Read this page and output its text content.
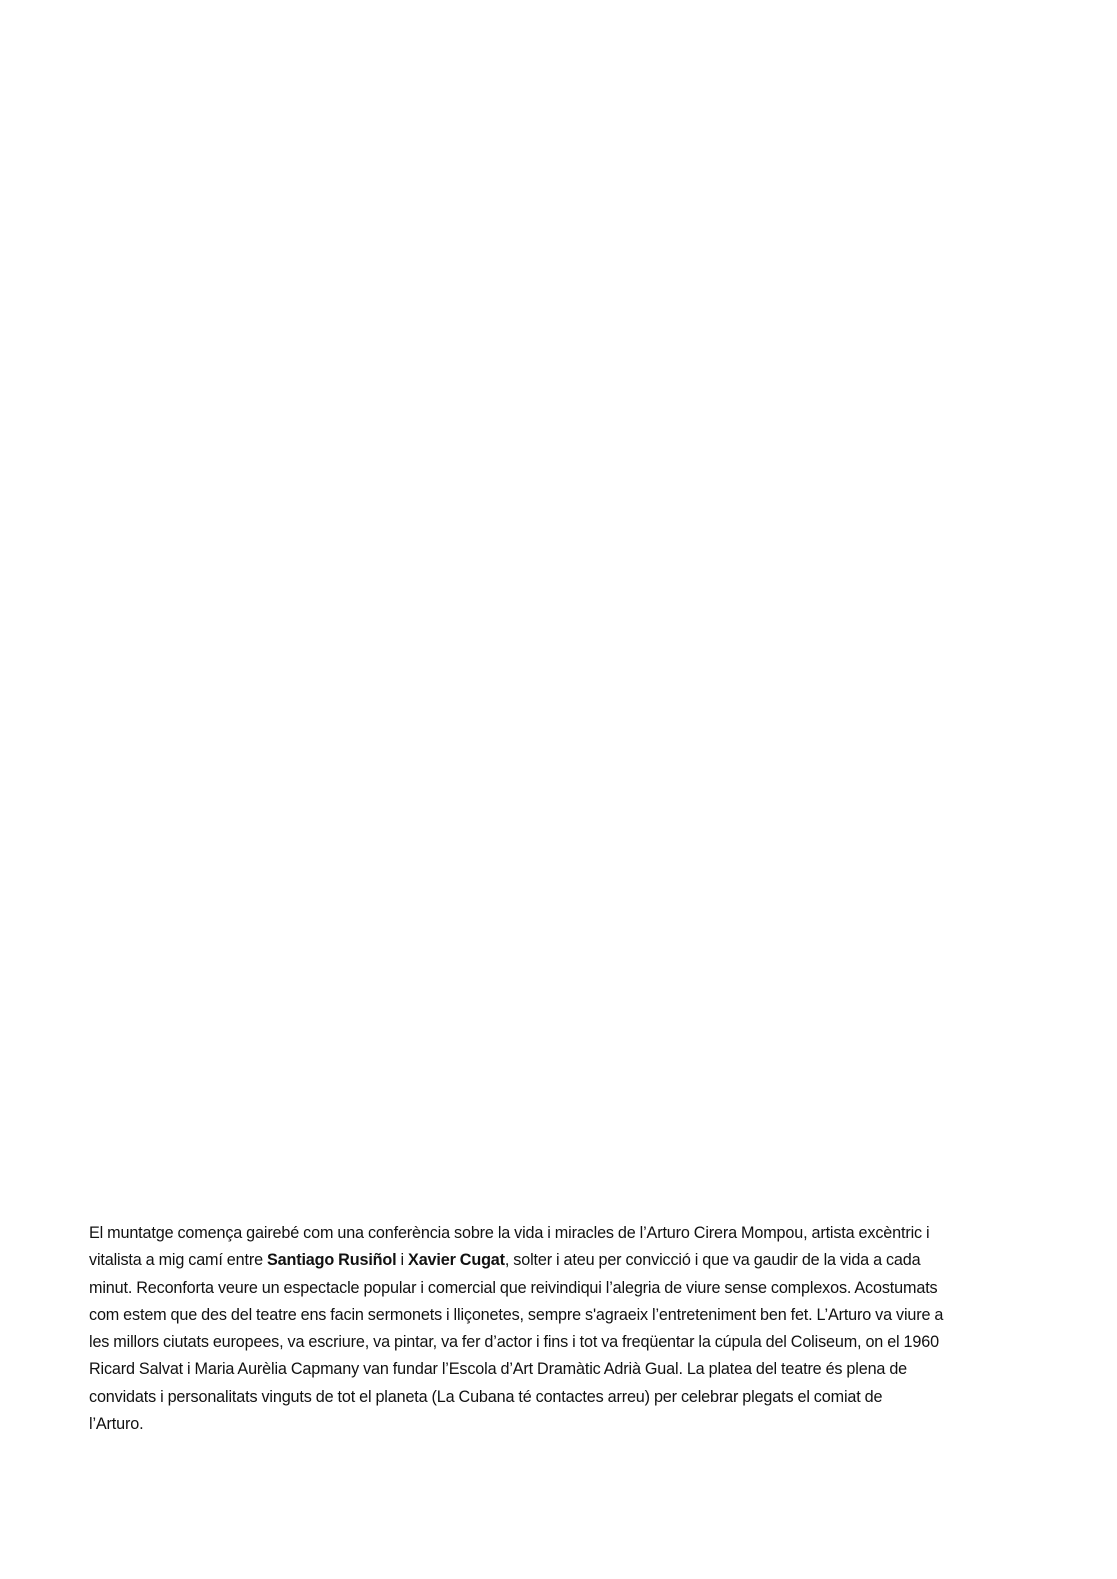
El muntatge comença gairebé com una conferència sobre la vida i miracles de l’Arturo Cirera Mompou, artista excèntric i
vitalista a mig camí entre Santiago Rusiñol i Xavier Cugat, solter i ateu per convicció i que va gaudir de la vida a cada
minut. Reconforta veure un espectacle popular i comercial que reivindiqui l’alegria de viure sense complexos. Acostumats
com estem que des del teatre ens facin sermonets i lliçonetes, sempre s'agraeix l’entreteniment ben fet. L’Arturo va viure a
les millors ciutats europees, va escriure, va pintar, va fer d’actor i fins i tot va freqüentar la cúpula del Coliseum, on el 1960
Ricard Salvat i Maria Aurèlia Capmany van fundar l’Escola d’Art Dramàtic Adrià Gual. La platea del teatre és plena de
convidats i personalitats vinguts de tot el planeta (La Cubana té contactes arreu) per celebrar plegats el comiat de
l’Arturo.
